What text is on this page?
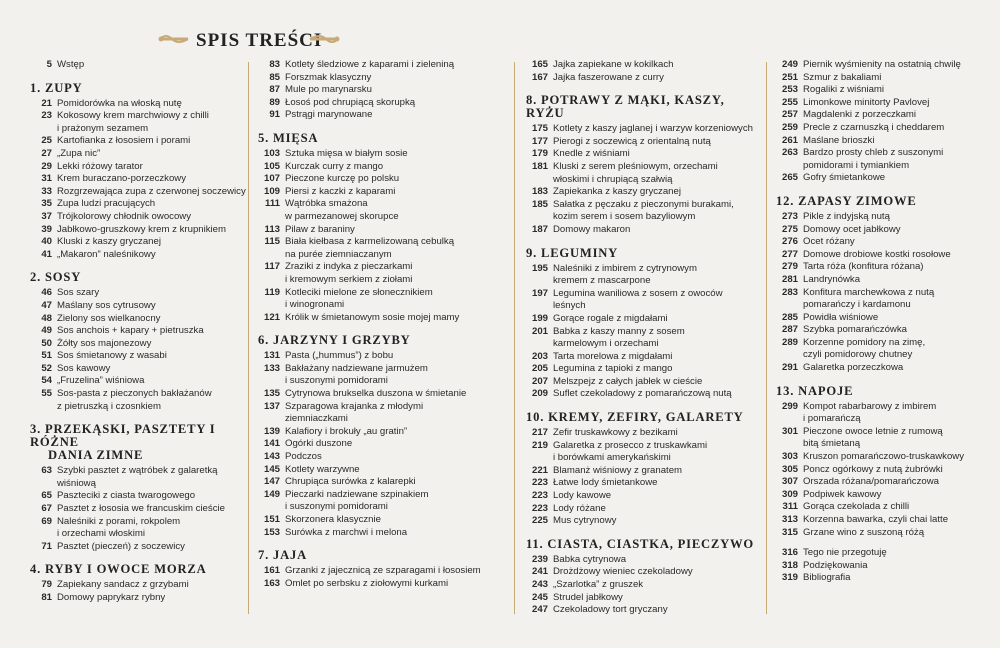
SPIS TREŚCI
5 Wstęp
1. ZUPY
21 Pomidorówka na włoską nutę
23 Kokosowy krem marchwiowy z chilli
i prażonym sezamem
25 Kartofianka z łososiem i porami
27 „Zupa nic”
29 Lekki różowy tarator
31 Krem buraczano-porzeczkowy
33 Rozgrzewająca zupa z czerwonej soczewicy
35 Zupa ludzi pracujących
37 Trójkolorowy chłodnik owocowy
39 Jabłkowo-gruszkowy krem z krupnikiem
40 Kluski z kaszy gryczanej
41 „Makaron” naleśnikowy
2. SOSY
46 Sos szary
47 Maślany sos cytrusowy
48 Zielony sos wielkanocny
49 Sos anchois + kapary + pietruszka
50 Żółty sos majonezowy
51 Sos śmietanowy z wasabi
52 Sos kawowy
54 „Fruzelina” wiśniowa
55 Sos-pasta z pieczonych bakłażanów
z pietruszką i czosnkiem
3. PRZEKĄSKI, PASZTETY I RÓŻNE
DANIA ZIMNE
63 Szybki pasztet z wątróbek z galaretką
wiśniową
65 Paszteciki z ciasta twarogowego
67 Pasztet z łososia we francuskim cieście
69 Naleśniki z porami, rokpolem
i orzechami włoskimi
71 Pasztet (pieczeń) z soczewicy
4. RYBY I OWOCE MORZA
79 Zapiekany sandacz z grzybami
81 Domowy paprykarz rybny
83 Kotlety śledziowe z kaparami i zieleniną
85 Forszmak klasyczny
87 Mule po marynarsku
89 Łosoś pod chrupiącą skorupką
91 Pstrągi marynowane
5. MIĘSA
103 Sztuka mięsa w białym sosie
105 Kurczak curry z mango
107 Pieczone kurczę po polsku
109 Piersi z kaczki z kaparami
111 Wątróbka smażona
w parmezanowej skorupce
113 Pilaw z baraniny
115 Biała kiełbasa z karmelizowaną cebulką
na purée ziemniaczanym
117 Zraziki z indyka z pieczarkami
i kremowym serkiem z ziołami
119 Kotleciki mielone ze słonecznikiem
i winogronami
121 Królik w śmietanowym sosie mojej mamy
6. JARZYNY I GRZYBY
131 Pasta („hummus”) z bobu
133 Bakłażany nadziewane jarmużem
i suszonymi pomidorami
135 Cytrynowa brukselka duszona w śmietanie
137 Szparagowa krajanka z młodymi
ziemniaczkami
139 Kalafiory i brokuły „au gratin”
141 Ogórki duszone
143 Podczos
145 Kotlety warzywne
147 Chrupiąca surówka z kalarepki
149 Pieczarki nadziewane szpinakiem
i suszonymi pomidorami
151 Skorzonera klasycznie
153 Surówka z marchwi i melona
7. JAJA
161 Grzanki z jajecznicą ze szparagami i łososiem
163 Omlet po serbsku z ziołowymi kurkami
165 Jajka zapiekane w kokilkach
167 Jajka faszerowane z curry
8. POTRAWY Z MĄKI, KASZY, RYŻU
175 Kotlety z kaszy jaglanej i warzyw korzeniowych
177 Pierogi z soczewicą z orientalną nutą
179 Knedle z wiśniami
181 Kluski z serem pleśniowym, orzechami
włoskimi i chrupiącą szałwią
183 Zapiekanka z kaszy gryczanej
185 Sałatka z pęczaku z pieczonymi burakami,
kozim serem i sosem bazyliowym
187 Domowy makaron
9. LEGUMINY
195 Naleśniki z imbirem z cytrynowym
kremem z mascarpone
197 Legumina waniliowa z sosem z owoców leśnych
199 Gorące rogale z migdałami
201 Babka z kaszy manny z sosem
karmelowym i orzechami
203 Tarta morelowa z migdałami
205 Legumina z tapioki z mango
207 Melszpejz z całych jabłek w cieście
209 Suflet czekoladowy z pomarańczową nutą
10. KREMY, ZEFIRY, GALARETY
217 Zefir truskawkowy z bezikami
219 Galaretka z prosecco z truskawkami
i borówkami amerykańskimi
221 Blamanż wiśniowy z granatem
223 Łatwe lody śmietankowe
223 Lody kawowe
223 Lody różane
225 Mus cytrynowy
11. CIASTA, CIASTKA, PIECZYWO
239 Babka cytrynowa
241 Drożdżowy wieniec czekoladowy
243 „Szarlotka” z gruszek
245 Strudel jabłkowy
247 Czekoladowy tort gryczany
249 Piernik wyśmienity na ostatnią chwilę
251 Szmur z bakaliami
253 Rogaliki z wiśniami
255 Limonkowe minitorty Pavlovej
257 Magdalenki z porzeczkami
259 Precle z czarnuszką i cheddarem
261 Maślane brioszki
263 Bardzo prosty chleb z suszonymi
pomidorami i tymiankiem
265 Gofry śmietankowe
12. ZAPASY ZIMOWE
273 Pikle z indyjską nutą
275 Domowy ocet jabłkowy
276 Ocet różany
277 Domowe drobiowe kostki rosołowe
279 Tarta róża (konfitura różana)
281 Landrynówka
283 Konfitura marchewkowa z nutą
pomarańczy i kardamonu
285 Powidła wiśniowe
287 Szybka pomarańczówka
289 Korzenne pomidory na zimę,
czyli pomidorowy chutney
291 Galaretka porzeczkowa
13. NAPOJE
299 Kompot rabarbarowy z imbirem
i pomarańczą
301 Pieczone owoce letnie z rumową
bitą śmietaną
303 Kruszon pomarańczowo-truskawkowy
305 Poncz ogórkowy z nutą żubrówki
307 Orszada różana/pomarańczowa
309 Podpiwek kawowy
311 Gorąca czekolada z chilli
313 Korzenna bawarka, czyli chai latte
315 Grzane wino z suszoną różą
316 Tego nie przegotuję
318 Podziękowania
319 Bibliografia
